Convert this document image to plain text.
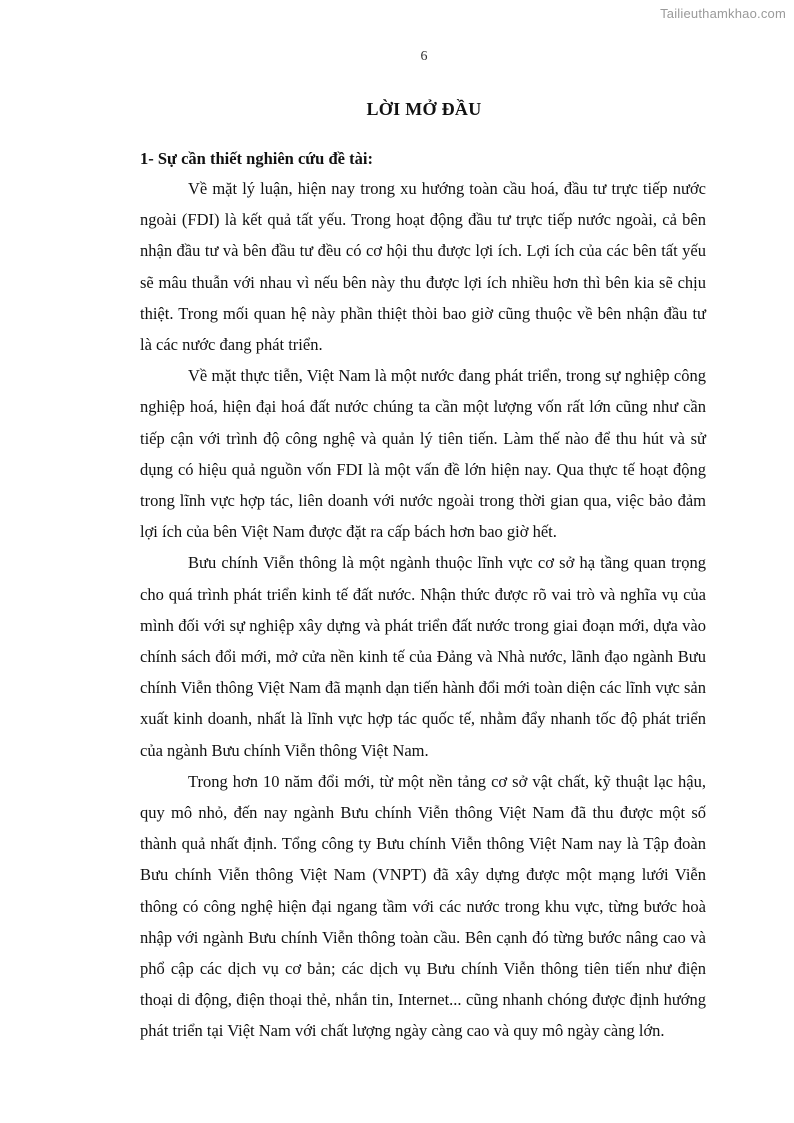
Tailieuthamkhao.com
6
LỜI MỞ ĐẦU
1- Sự cần thiết nghiên cứu đề tài:

Về mặt lý luận, hiện nay trong xu hướng toàn cầu hoá, đầu tư trực tiếp nước ngoài (FDI) là kết quả tất yếu. Trong hoạt động đầu tư trực tiếp nước ngoài, cả bên nhận đầu tư và bên đầu tư đều có cơ hội thu được lợi ích. Lợi ích của các bên tất yếu sẽ mâu thuẫn với nhau vì nếu bên này thu được lợi ích nhiều hơn thì bên kia sẽ chịu thiệt. Trong mối quan hệ này phần thiệt thòi bao giờ cũng thuộc về bên nhận đầu tư là các nước đang phát triển.

Về mặt thực tiễn, Việt Nam là một nước đang phát triển, trong sự nghiệp công nghiệp hoá, hiện đại hoá đất nước chúng ta cần một lượng vốn rất lớn cũng như cần tiếp cận với trình độ công nghệ và quản lý tiên tiến. Làm thế nào để thu hút và sử dụng có hiệu quả nguồn vốn FDI là một vấn đề lớn hiện nay. Qua thực tế hoạt động trong lĩnh vực hợp tác, liên doanh với nước ngoài trong thời gian qua, việc bảo đảm lợi ích của bên Việt Nam được đặt ra cấp bách hơn bao giờ hết.

Bưu chính Viễn thông là một ngành thuộc lĩnh vực cơ sở hạ tầng quan trọng cho quá trình phát triển kinh tế đất nước. Nhận thức được rõ vai trò và nghĩa vụ của mình đối với sự nghiệp xây dựng và phát triển đất nước trong giai đoạn mới, dựa vào chính sách đổi mới, mở cửa nền kinh tế của Đảng và Nhà nước, lãnh đạo ngành Bưu chính Viễn thông Việt Nam đã mạnh dạn tiến hành đổi mới toàn diện các lĩnh vực sản xuất kinh doanh, nhất là lĩnh vực hợp tác quốc tế, nhằm đẩy nhanh tốc độ phát triển của ngành Bưu chính Viễn thông Việt Nam.

Trong hơn 10 năm đổi mới, từ một nền tảng cơ sở vật chất, kỹ thuật lạc hậu, quy mô nhỏ, đến nay ngành Bưu chính Viễn thông Việt Nam đã thu được một số thành quả nhất định. Tổng công ty Bưu chính Viễn thông Việt Nam nay là Tập đoàn Bưu chính Viễn thông Việt Nam (VNPT) đã xây dựng được một mạng lưới Viễn thông có công nghệ hiện đại ngang tầm với các nước trong khu vực, từng bước hoà nhập với ngành Bưu chính Viễn thông toàn cầu. Bên cạnh đó từng bước nâng cao và phổ cập các dịch vụ cơ bản; các dịch vụ Bưu chính Viễn thông tiên tiến như điện thoại di động, điện thoại thẻ, nhắn tin, Internet... cũng nhanh chóng được định hướng phát triển tại Việt Nam với chất lượng ngày càng cao và quy mô ngày càng lớn.
